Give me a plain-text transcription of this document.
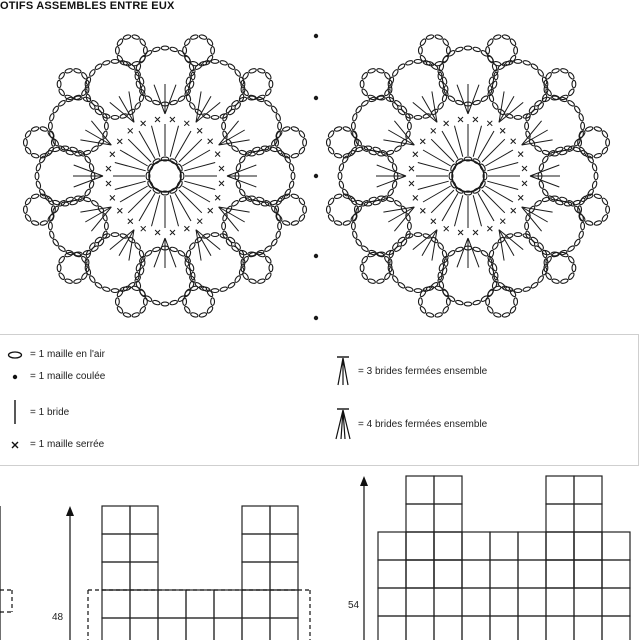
OTIFS ASSEMBLES ENTRE EUX
= 1 maille en l'air
= 1 maille coulée
= 1 bride
= 1 maille serrée
= 3 brides fermées ensemble
= 4 brides fermées ensemble
48
54
